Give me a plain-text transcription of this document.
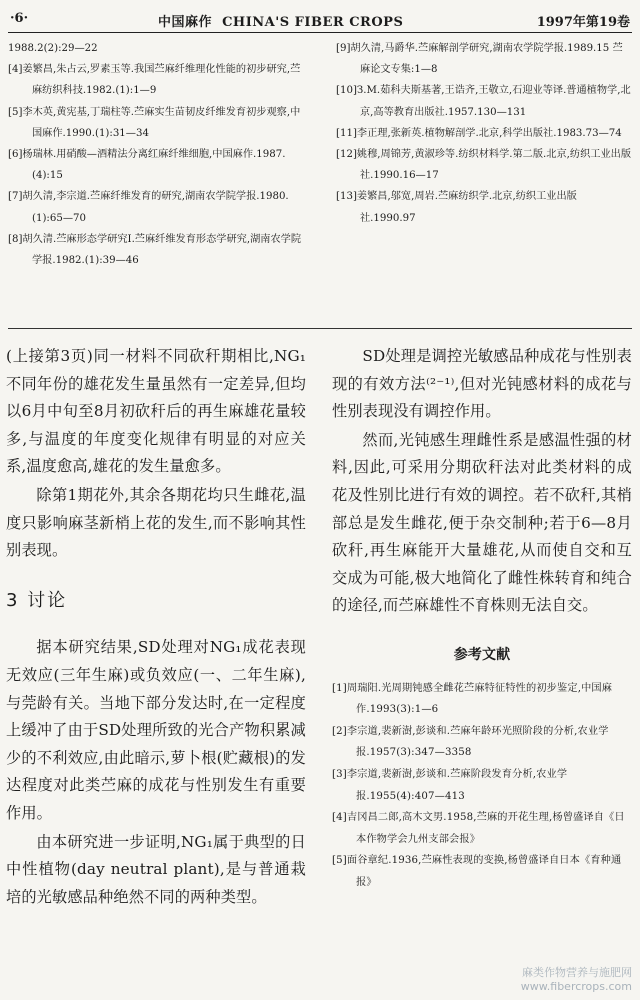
·6·	中国麻作 CHINA'S FIBER CROPS	1997年第19卷

1988.2(2):29—22

[4]姜繁昌,朱占云,罗素玉等.我国苎麻纤维理化性能的初步研究,苎麻纺织科技.1982.(1):1—9

[5]李木英,黄宪基,丁瑞柱等.苎麻实生苗韧皮纤维发育初步观察,中国麻作.1990.(1):31—34

[6]杨瑞林.用硝酸—酒精法分离红麻纤维细胞,中国麻作.1987.(4):15

[7]胡久清,李宗道.苎麻纤维发育的研究,湖南农学院学报.1980.(1):65—70

[8]胡久清.苎麻形态学研究Ⅰ.苎麻纤维发育形态学研究,湖南农学院学报.1982.(1):39—46

[9]胡久清,马爵华.苎麻解剖学研究,湖南农学院学报.1989.15 苎麻论文专集:1—8

[10]З.M.茹科夫斯基著,王诰齐,王敬立,石迎业等译.普通植物学,北京,高等教育出版社.1957.130—131

[11]李正理,张新英.植物解剖学.北京,科学出版社.1983.73—74

[12]姚穆,周锦芳,黄淑珍等.纺织材料学.第二版.北京,纺织工业出版社.1990.16—17

[13]姜繁昌,邬宽,周岩.苎麻纺织学.北京,纺织工业出版社.1990.97

(上接第3页)同一材料不同砍秆期相比,NG₁不同年份的雄花发生量虽然有一定差异,但均以6月中旬至8月初砍秆后的再生麻雄花量较多,与温度的年度变化规律有明显的对应关系,温度愈高,雄花的发生量愈多。

除第1期花外,其余各期花均只生雌花,温度只影响麻茎新梢上花的发生,而不影响其性别表现。

3 讨论

据本研究结果,SD处理对NG₁成花表现无效应(三年生麻)或负效应(一、二年生麻),与莞龄有关。当地下部分发达时,在一定程度上缓冲了由于SD处理所致的光合产物积累减少的不利效应,由此暗示,萝卜根(贮藏根)的发达程度对此类苎麻的成花与性别发生有重要作用。

由本研究进一步证明,NG₁属于典型的日中性植物(day neutral plant),是与普通栽培的光敏感品种绝然不同的两种类型。

SD处理是调控光敏感品种成花与性别表现的有效方法⁽²⁻¹⁾,但对光钝感材料的成花与性别表现没有调控作用。

然而,光钝感生理雌性系是感温性强的材料,因此,可采用分期砍秆法对此类材料的成花及性别比进行有效的调控。若不砍秆,其梢部总是发生雌花,便于杂交制种;若于6—8月砍秆,再生麻能开大量雄花,从而使自交和互交成为可能,极大地简化了雌性株转育和纯合的途径,而苎麻雄性不育株则无法自交。

参考文献

[1]周瑞阳.光周期钝感全雌花苎麻特征特性的初步鉴定,中国麻作.1993(3):1—6

[2]李宗道,裴新澍,彭谈和.苎麻年龄环光照阶段的分析,农业学报.1957(3):347—3358

[3]李宗道,裴新澍,彭谈和.苎麻阶段发育分析,农业学报.1955(4):407—413

[4]吉冈昌二郎,高木文男.1958,苎麻的开花生理,杨曾盛译自《日本作物学会九州支部会报》

[5]面谷章纪.1936,苎麻性表现的变换,杨曾盛译自日本《育种通报》

麻类作物营养与施肥网
www.fibercrops.com
